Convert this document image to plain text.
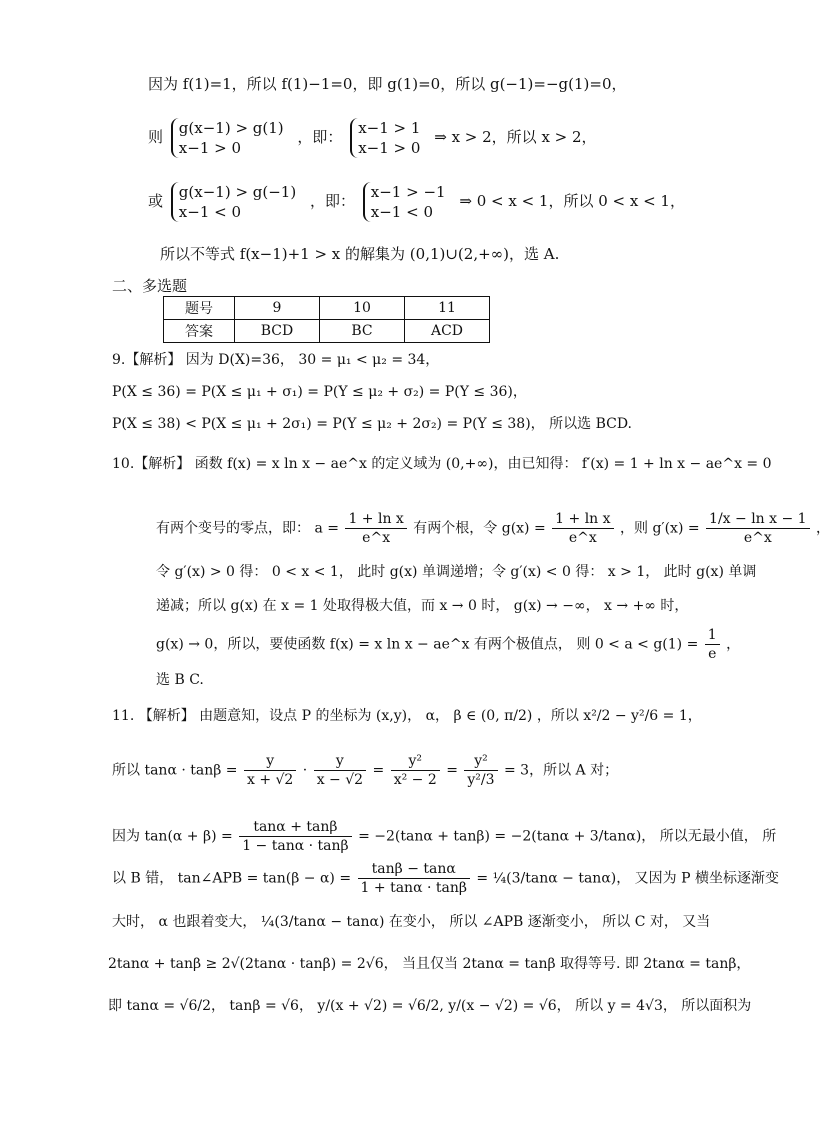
因为 f(1)=1，所以 f(1)−1=0，即 g(1)=0，所以 g(−1)=−g(1)=0，
则 g(x−1) > g(1)
x−1 > 0
，即： x−1 > 1
x−1 > 0
⇒ x > 2，所以 x > 2，
或 g(x−1) > g(−1)
x−1 < 0
，即： x−1 > −1
x−1 < 0
⇒ 0 < x < 1，所以 0 < x < 1，
所以不等式 f(x−1)+1 > x 的解集为 (0,1)∪(2,+∞)，选 A.
二、多选题
题号	9	10	11
答案	BCD	BC	ACD
9.【解析】 因为 D(X)=36， 30 = μ₁ < μ₂ = 34，
P(X ≤ 36) = P(X ≤ μ₁ + σ₁) = P(Y ≤ μ₂ + σ₂) = P(Y ≤ 36)，
P(X ≤ 38) < P(X ≤ μ₁ + 2σ₁) = P(Y ≤ μ₂ + 2σ₂) = P(Y ≤ 38)， 所以选 BCD.
10.【解析】 函数 f(x) = x ln x − ae^x 的定义域为 (0,+∞)，由已知得： f′(x) = 1 + ln x − ae^x = 0
有两个变号的零点，即： $a = \frac{\text{1 + ln x}}{e\^{}x}$ 有两个根，令 $g(x) = \frac{\text{1 + ln x}}{e\^{}x}$ ，则 $g'(x) = \frac{\text{1/x − ln x − 1}}{e\^{}x}$ ，
令 g′(x) > 0 得： 0 < x < 1， 此时 g(x) 单调递增；令 g′(x) < 0 得： x > 1， 此时 g(x) 单调
递减；所以 g(x) 在 x = 1 处取得极大值，而 x → 0 时， g(x) → −∞， x → +∞ 时，
g(x) → 0，所以，要使函数 f(x) = x ln x − ae^x 有两个极值点， 则 $0 < a < g(1) = \frac{1}{e}$ ，
选 B C.
11. 【解析】 由题意知，设点 P 的坐标为 (x,y)， α， β ∈ (0, π/2) ，所以 x²/2 − y²/6 = 1，
所以 $\tan\alpha \cdot \tan\beta = \frac{y}{x + √2} \cdot \frac{y}{x - √2} = \frac{\text{y²}}{\text{x² − 2}} = \frac{\text{y²}}{\text{y²/3}} = 3$，所以 A 对；
因为 $\tan(\alpha + \beta) = \frac{\tan\alpha + \tan\beta}{1 - \tan\alpha \cdot \tan\beta} = -2(\tan\alpha + \tan\beta) = -2(\tan\alpha + 3/\tan\alpha)$， 所以无最小值， 所
以 B 错， tan∠APB = $\tan(\beta - \alpha) = \frac{\tan\beta - \tan\alpha}{1 + \tan\alpha \cdot \tan\beta}$ = ¼(3/tanα − tanα)， 又因为 P 横坐标逐渐变
大时， α 也跟着变大， ¼(3/tanα − tanα) 在变小， 所以 ∠APB 逐渐变小， 所以 C 对， 又当
2tanα + tanβ ≥ 2√(2tanα · tanβ) = 2√6， 当且仅当 2tanα = tanβ 取得等号. 即 2tanα = tanβ，
即 tanα = √6/2， tanβ = √6， y/(x + √2) = √6/2, y/(x − √2) = √6， 所以 y = 4√3， 所以面积为
